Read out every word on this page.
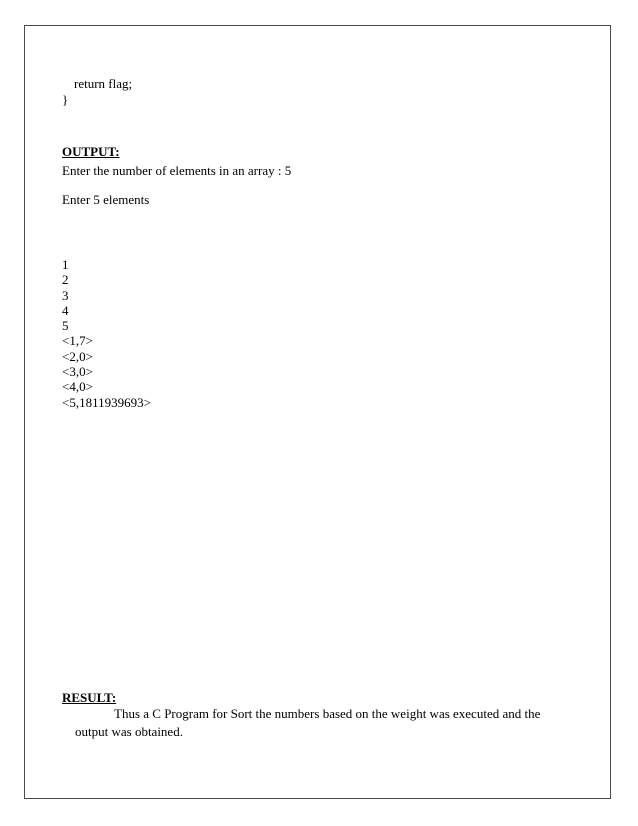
return flag;

}

OUTPUT:

Enter the number of elements in an array : 5

Enter 5 elements

1
2
3
4
5
<1,7>
<2,0>
<3,0>
<4,0>
<5,1811939693>

RESULT:

Thus a C Program for Sort the numbers based on the weight was executed and the output was obtained.
